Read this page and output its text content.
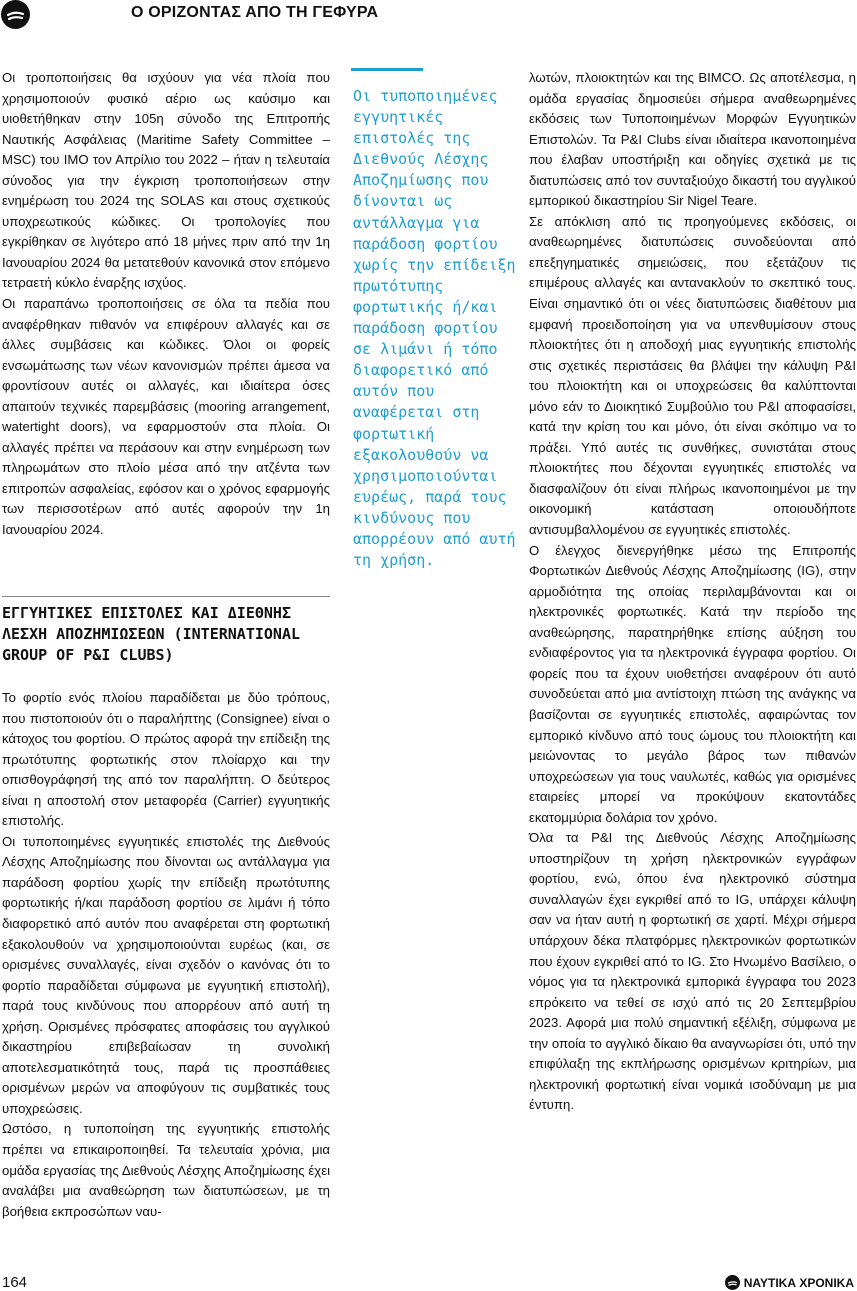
Ο ΟΡΙΖΟΝΤΑΣ ΑΠΟ ΤΗ ΓΕΦΥΡΑ

Οι τροποποιήσεις θα ισχύουν για νέα πλοία που χρησιμοποιούν φυσικό αέριο ως καύσιμο και υιοθετήθηκαν στην 105η σύνοδο της Επιτροπής Ναυτικής Ασφάλειας (Maritime Safety Committee – MSC) του IMO τον Απρίλιο του 2022 – ήταν η τελευταία σύνοδος για την έγκριση τροποποιήσεων στην ενημέρωση του 2024 της SOLAS και στους σχετικούς υποχρεωτικούς κώδικες. Οι τροπολογίες που εγκρίθηκαν σε λιγότερο από 18 μήνες πριν από την 1η Ιανουαρίου 2024 θα μετατεθούν κανονικά στον επόμενο τετραετή κύκλο έναρξης ισχύος.

Οι παραπάνω τροποποιήσεις σε όλα τα πεδία που αναφέρθηκαν πιθανόν να επιφέρουν αλλαγές και σε άλλες συμβάσεις και κώδικες. Όλοι οι φορείς ενσωμάτωσης των νέων κανονισμών πρέπει άμεσα να φροντίσουν αυτές οι αλλαγές, και ιδιαίτερα όσες απαιτούν τεχνικές παρεμβάσεις (mooring arrangement, watertight doors), να εφαρμοστούν στα πλοία. Οι αλλαγές πρέπει να περάσουν και στην ενημέρωση των πληρωμάτων στο πλοίο μέσα από την ατζέντα των επιτροπών ασφαλείας, εφόσον και ο χρόνος εφαρμογής των περισσοτέρων από αυτές αφορούν την 1η Ιανουαρίου 2024.

ΕΓΓΥΗΤΙΚΕΣ ΕΠΙΣΤΟΛΕΣ ΚΑΙ ΔΙΕΘΝΗΣ ΛΕΣΧΗ ΑΠΟΖΗΜΙΩΣΕΩΝ (INTERNATIONAL GROUP OF P&I CLUBS)

Το φορτίο ενός πλοίου παραδίδεται με δύο τρόπους, που πιστοποιούν ότι ο παραλήπτης (Consignee) είναι ο κάτοχος του φορτίου. Ο πρώτος αφορά την επίδειξη της πρωτότυπης φορτωτικής στον πλοίαρχο και την οπισθογράφησή της από τον παραλήπτη. Ο δεύτερος είναι η αποστολή στον μεταφορέα (Carrier) εγγυητικής επιστολής.

Οι τυποποιημένες εγγυητικές επιστολές της Διεθνούς Λέσχης Αποζημίωσης που δίνονται ως αντάλλαγμα για παράδοση φορτίου χωρίς την επίδειξη πρωτότυπης φορτωτικής ή/και παράδοση φορτίου σε λιμάνι ή τόπο διαφορετικό από αυτόν που αναφέρεται στη φορτωτική εξακολουθούν να χρησιμοποιούνται ευρέως (και, σε ορισμένες συναλλαγές, είναι σχεδόν ο κανόνας ότι το φορτίο παραδίδεται σύμφωνα με εγγυητική επιστολή), παρά τους κινδύνους που απορρέουν από αυτή τη χρήση. Ορισμένες πρόσφατες αποφάσεις του αγγλικού δικαστηρίου επιβεβαίωσαν τη συνολική αποτελεσματικότητά τους, παρά τις προσπάθειες ορισμένων μερών να αποφύγουν τις συμβατικές τους υποχρεώσεις.

Ωστόσο, η τυποποίηση της εγγυητικής επιστολής πρέπει να επικαιροποιηθεί. Τα τελευταία χρόνια, μια ομάδα εργασίας της Διεθνούς Λέσχης Αποζημίωσης έχει αναλάβει μια αναθεώρηση των διατυπώσεων, με τη βοήθεια εκπροσώπων ναυ-

Οι τυποποιημένες εγγυητικές επιστολές της Διεθνούς Λέσχης Αποζημίωσης που δίνονται ως αντάλλαγμα για παράδοση φορτίου χωρίς την επίδειξη πρωτότυπης φορτωτικής ή/και παράδοση φορτίου σε λιμάνι ή τόπο διαφορετικό από αυτόν που αναφέρεται στη φορτωτική εξακολουθούν να χρησιμοποιούνται ευρέως, παρά τους κινδύνους που απορρέουν από αυτή τη χρήση.

λωτών, πλοιοκτητών και της BIMCO. Ως αποτέλεσμα, η ομάδα εργασίας δημοσιεύει σήμερα αναθεωρημένες εκδόσεις των Τυποποιημένων Μορφών Εγγυητικών Επιστολών. Τα P&I Clubs είναι ιδιαίτερα ικανοποιημένα που έλαβαν υποστήριξη και οδηγίες σχετικά με τις διατυπώσεις από τον συνταξιούχο δικαστή του αγγλικού εμπορικού δικαστηρίου Sir Nigel Teare.

Σε απόκλιση από τις προηγούμενες εκδόσεις, οι αναθεωρημένες διατυπώσεις συνοδεύονται από επεξηγηματικές σημειώσεις, που εξετάζουν τις επιμέρους αλλαγές και αντανακλούν το σκεπτικό τους. Είναι σημαντικό ότι οι νέες διατυπώσεις διαθέτουν μια εμφανή προειδοποίηση για να υπενθυμίσουν στους πλοιοκτήτες ότι η αποδοχή μιας εγγυητικής επιστολής στις σχετικές περιστάσεις θα βλάψει την κάλυψη P&I του πλοιοκτήτη και οι υποχρεώσεις θα καλύπτονται μόνο εάν το Διοικητικό Συμβούλιο του P&I αποφασίσει, κατά την κρίση του και μόνο, ότι είναι σκόπιμο να το πράξει. Υπό αυτές τις συνθήκες, συνιστάται στους πλοιοκτήτες που δέχονται εγγυητικές επιστολές να διασφαλίζουν ότι είναι πλήρως ικανοποιημένοι με την οικονομική κατάσταση οποιουδήποτε αντισυμβαλλομένου σε εγγυητικές επιστολές.

Ο έλεγχος διενεργήθηκε μέσω της Επιτροπής Φορτωτικών Διεθνούς Λέσχης Αποζημίωσης (IG), στην αρμοδιότητα της οποίας περιλαμβάνονται και οι ηλεκτρονικές φορτωτικές. Κατά την περίοδο της αναθεώρησης, παρατηρήθηκε επίσης αύξηση του ενδιαφέροντος για τα ηλεκτρονικά έγγραφα φορτίου. Οι φορείς που τα έχουν υιοθετήσει αναφέρουν ότι αυτό συνοδεύεται από μια αντίστοιχη πτώση της ανάγκης να βασίζονται σε εγγυητικές επιστολές, αφαιρώντας τον εμπορικό κίνδυνο από τους ώμους του πλοιοκτήτη και μειώνοντας το μεγάλο βάρος των πιθανών υποχρεώσεων για τους ναυλωτές, καθώς για ορισμένες εταιρείες μπορεί να προκύψουν εκατοντάδες εκατομμύρια δολάρια τον χρόνο.

Όλα τα P&I της Διεθνούς Λέσχης Αποζημίωσης υποστηρίζουν τη χρήση ηλεκτρονικών εγγράφων φορτίου, ενώ, όπου ένα ηλεκτρονικό σύστημα συναλλαγών έχει εγκριθεί από το IG, υπάρχει κάλυψη σαν να ήταν αυτή η φορτωτική σε χαρτί. Μέχρι σήμερα υπάρχουν δέκα πλατφόρμες ηλεκτρονικών φορτωτικών που έχουν εγκριθεί από το IG. Στο Ηνωμένο Βασίλειο, ο νόμος για τα ηλεκτρονικά εμπορικά έγγραφα του 2023 επρόκειτο να τεθεί σε ισχύ από τις 20 Σεπτεμβρίου 2023. Αφορά μια πολύ σημαντική εξέλιξη, σύμφωνα με την οποία το αγγλικό δίκαιο θα αναγνωρίσει ότι, υπό την επιφύλαξη της εκπλήρωσης ορισμένων κριτηρίων, μια ηλεκτρονική φορτωτική είναι νομικά ισοδύναμη με μια έντυπη.

164	ΝΑΥΤΙΚΑ ΧΡΟΝΙΚΑ
